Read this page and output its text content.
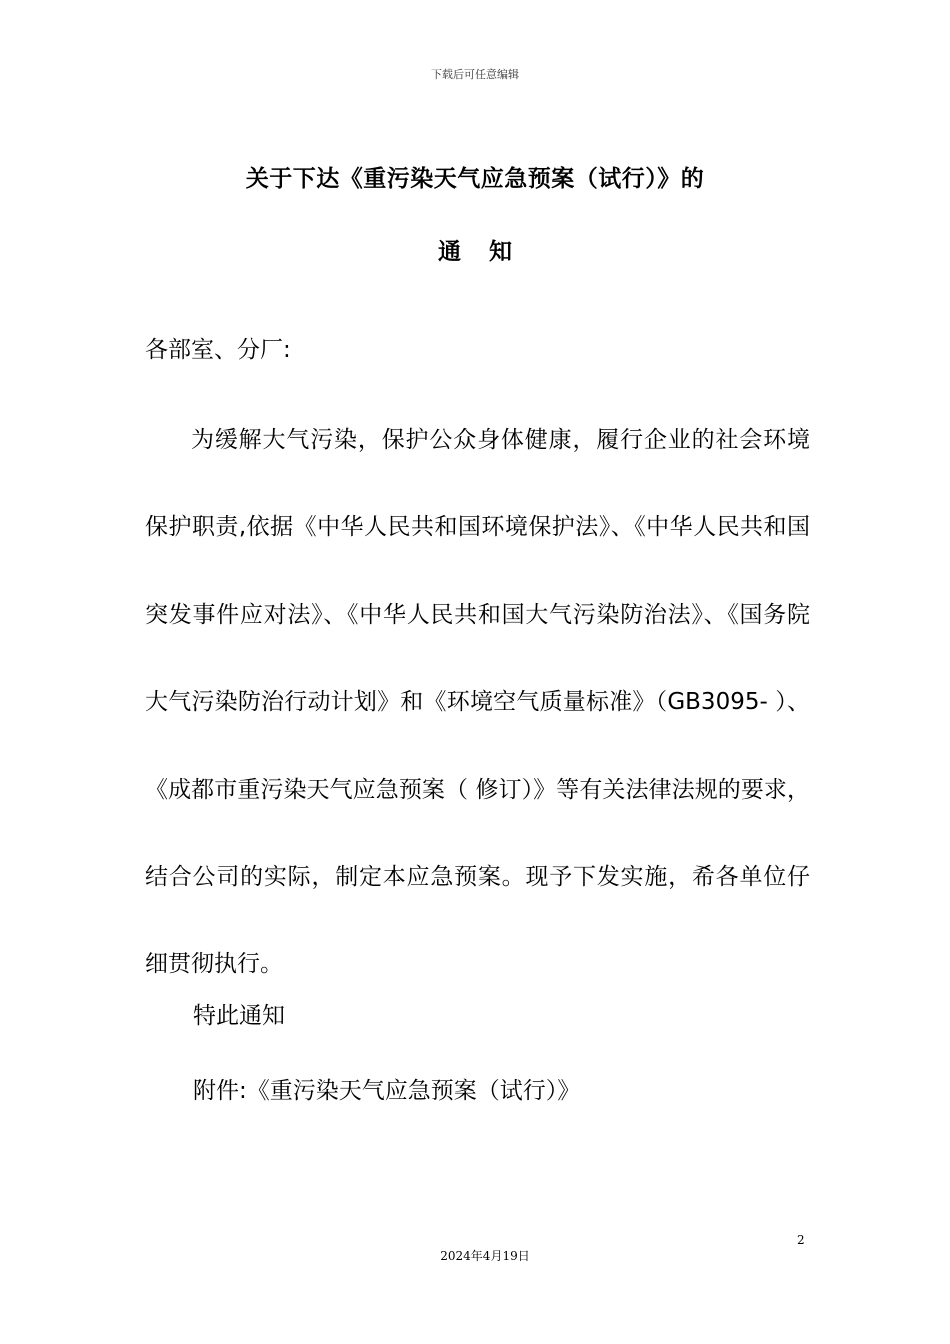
下载后可任意编辑
关于下达《重污染天气应急预案（试行）》的
通知
各部室、分厂:

为缓解大气污染，保护公众身体健康，履行企业的社会环境保护职责,依据《中华人民共和国环境保护法》、《中华人民共和国突发事件应对法》、《中华人民共和国大气污染防治法》、《国务院大气污染防治行动计划》和《环境空气质量标准》（GB3095- ）、《成都市重污染天气应急预案（ 修订）》等有关法律法规的要求，结合公司的实际，制定本应急预案。现予下发实施，希各单位仔细贯彻执行。

特此通知
附件:《重污染天气应急预案（试行）》
2
2024年4月19日
